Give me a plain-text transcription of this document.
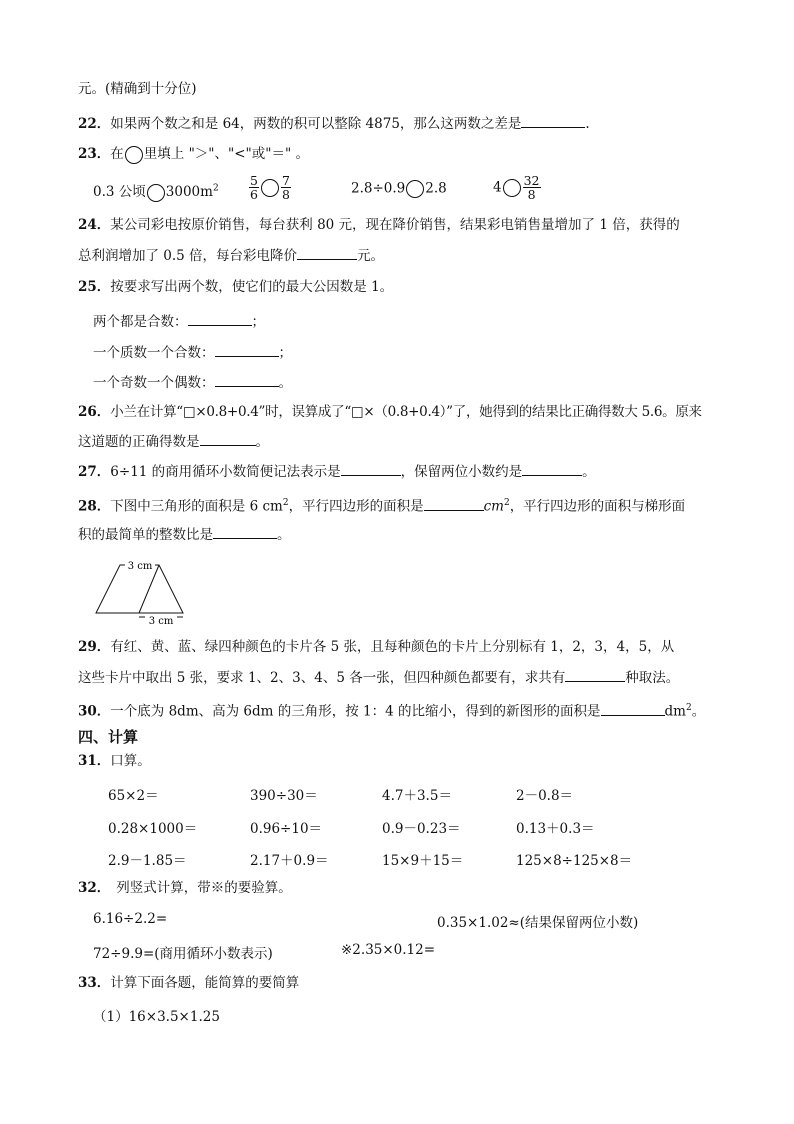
元。(精确到十分位)
22．如果两个数之和是 64，两数的积可以整除 4875，那么这两数之差是	.
23．在 里填上 "＞"、"<"或"＝" 。
0.3 公顷 $3000m^2 \frac{5}{6} \frac{7}{8}$	2.8÷0.9 2.8	$4 \frac{32}{8}$
24．某公司彩电按原价销售，每台获利 80 元，现在降价销售，结果彩电销售量增加了 1 倍，获得的
总利润增加了 0.5 倍，每台彩电降价	元。
25．按要求写出两个数，使它们的最大公因数是 1。
两个都是合数：	；
一个质数一个合数：	；
一个奇数一个偶数：	。
26．小兰在计算“□×0.8+0.4”时，误算成了“□×（0.8+0.4）”了，她得到的结果比正确得数大 5.6。原来
这道题的正确得数是	。
27．6÷11 的商用循环小数简便记法表示是	，保留两位小数约是	。
28．下图中三角形的面积是 6 $cm^2$，平行四边形的面积是	$cm^2$，平行四边形的面积与梯形面
积的最简单的整数比是	。
3 cm
3 cm
29．有红、黄、蓝、绿四种颜色的卡片各 5 张，且每种颜色的卡片上分别标有 1，2，3，4，5，从
这些卡片中取出 5 张，要求 1、2、3、4、5 各一张，但四种颜色都要有，求共有	种取法。
30．一个底为 8dm、高为 6dm 的三角形，按 1：4 的比缩小，得到的新图形的面积是	$dm^2$。
四、计算
31．口算。
65×2＝	390÷30＝	4.7＋3.5＝	2－0.8＝
0.28×1000＝	0.96÷10＝	0.9－0.23＝	0.13＋0.3＝
2.9－1.85＝	2.17＋0.9＝	15×9＋15＝	125×8÷125×8＝
32． 列竖式计算，带※的要验算。
6.16÷2.2=	0.35×1.02≈(结果保留两位小数)
72÷9.9=(商用循环小数表示)	※2.35×0.12=
33．计算下面各题，能简算的要简算
（1）16×3.5×1.25
